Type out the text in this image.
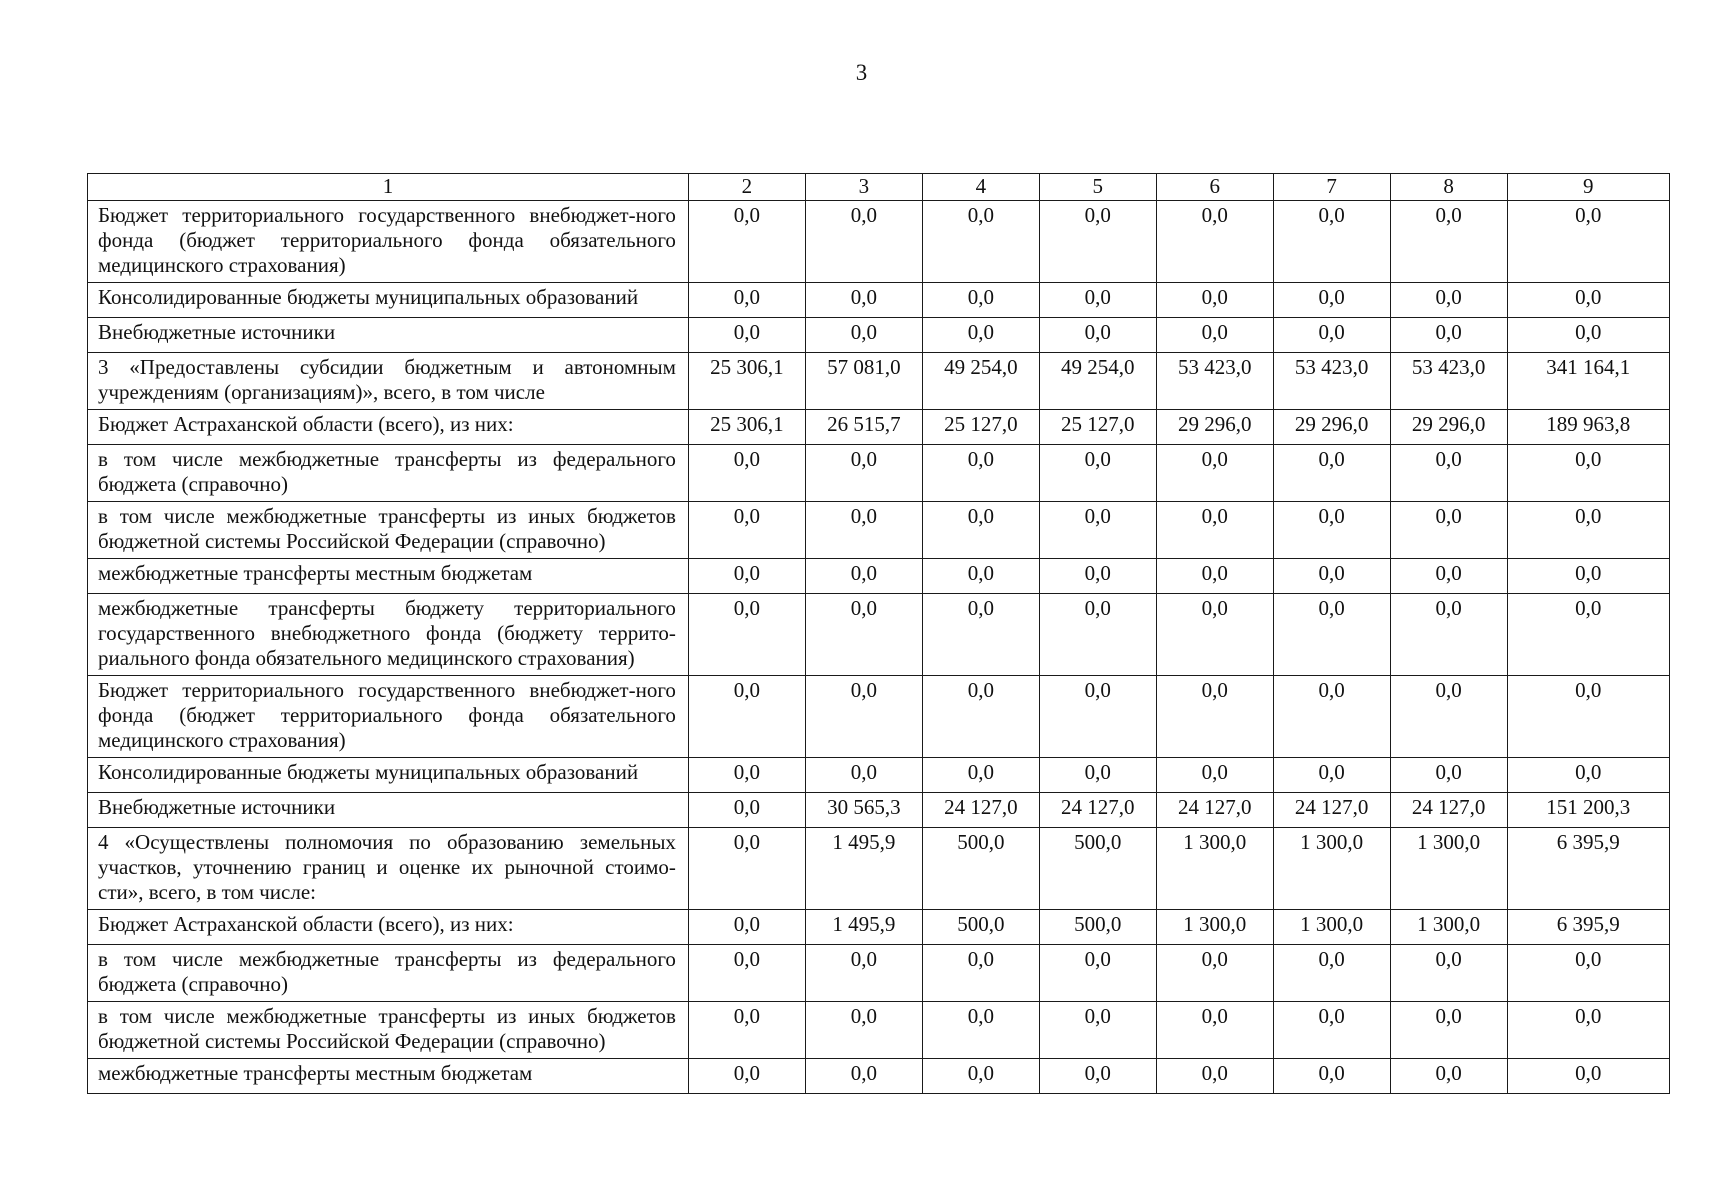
3
1	2	3	4	5	6	7	8	9
Бюджет территориального государственного внебюджет-ного фонда (бюджет территориального фонда обязательного медицинского страхования)	0,0	0,0	0,0	0,0	0,0	0,0	0,0	0,0
Консолидированные бюджеты муниципальных образований	0,0	0,0	0,0	0,0	0,0	0,0	0,0	0,0
Внебюджетные источники	0,0	0,0	0,0	0,0	0,0	0,0	0,0	0,0
3 «Предоставлены субсидии бюджетным и автономным учреждениям (организациям)», всего, в том числе	25 306,1	57 081,0	49 254,0	49 254,0	53 423,0	53 423,0	53 423,0	341 164,1
Бюджет Астраханской области (всего), из них:	25 306,1	26 515,7	25 127,0	25 127,0	29 296,0	29 296,0	29 296,0	189 963,8
в том числе межбюджетные трансферты из федерального бюджета (справочно)	0,0	0,0	0,0	0,0	0,0	0,0	0,0	0,0
в том числе межбюджетные трансферты из иных бюджетов бюджетной системы Российской Федерации (справочно)	0,0	0,0	0,0	0,0	0,0	0,0	0,0	0,0
межбюджетные трансферты местным бюджетам	0,0	0,0	0,0	0,0	0,0	0,0	0,0	0,0
межбюджетные трансферты бюджету территориального государственного внебюджетного фонда (бюджету террито-риального фонда обязательного медицинского страхования)	0,0	0,0	0,0	0,0	0,0	0,0	0,0	0,0
Бюджет территориального государственного внебюджет-ного фонда (бюджет территориального фонда обязательного медицинского страхования)	0,0	0,0	0,0	0,0	0,0	0,0	0,0	0,0
Консолидированные бюджеты муниципальных образований	0,0	0,0	0,0	0,0	0,0	0,0	0,0	0,0
Внебюджетные источники	0,0	30 565,3	24 127,0	24 127,0	24 127,0	24 127,0	24 127,0	151 200,3
4 «Осуществлены полномочия по образованию земельных участков, уточнению границ и оценке их рыночной стоимо-сти», всего, в том числе:	0,0	1 495,9	500,0	500,0	1 300,0	1 300,0	1 300,0	6 395,9
Бюджет Астраханской области (всего), из них:	0,0	1 495,9	500,0	500,0	1 300,0	1 300,0	1 300,0	6 395,9
в том числе межбюджетные трансферты из федерального бюджета (справочно)	0,0	0,0	0,0	0,0	0,0	0,0	0,0	0,0
в том числе межбюджетные трансферты из иных бюджетов бюджетной системы Российской Федерации (справочно)	0,0	0,0	0,0	0,0	0,0	0,0	0,0	0,0
межбюджетные трансферты местным бюджетам	0,0	0,0	0,0	0,0	0,0	0,0	0,0	0,0
